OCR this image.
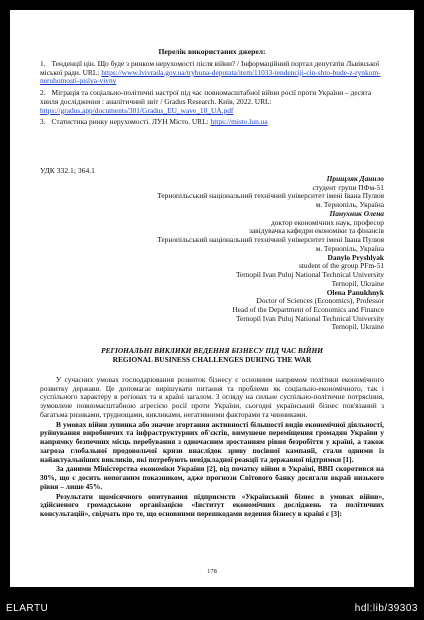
Перелік використаних джерел:
1. Тенденції цін. Що буде з ринком нерухомості після війни? / Інформаційний портал депутатів Львівської міської ради. URL: https://www.lvivrada.gov.ua/trybuna-deputata/item/11033-tendenciji-cin-shto-bude-z-rynkom-neruhomosti-pislya-viyny
2. Міграція та соціально-політичні настрої під час повномасштабної війни росії проти України – десята хвиля дослідження : аналітичний звіт / Gradus Research. Київ, 2022. URL: https://gradus.app/documents/301/Gradus_EU_wave_10_UA.pdf
3. Статистика ринку нерухомості. ЛУН Місто. URL: https://misto.lun.ua
УДК 332.1; 364.1
Прищляк Данило
студент групи ПФм-51
Тернопільський національний технічний університет імені Івана Пулюя
м. Тернопіль, Україна
Панухник Олена
доктор економічних наук, професор
завідувачка кафедри економіки та фінансів
Тернопільський національний технічний університет імені Івана Пулюя
м. Тернопіль, Україна
Danylo Pryshlyak
student of the group PFm-51
Ternopil Ivan Puluj National Technical University
Ternopil, Ukraine
Olena Panukhnyk
Doctor of Sciences (Economics), Professor
Head of the Department of Economics and Finance
Ternopil Ivan Puluj National Technical University
Ternopil, Ukraine
РЕГІОНАЛЬНІ ВИКЛИКИ ВЕДЕННЯ БІЗНЕСУ ПІД ЧАС ВІЙНИ
REGIONAL BUSINESS CHALLENGES DURING THE WAR

У сучасних умовах господарювання розвиток бізнесу є основним напрямом політики економічного розвитку держави. Це допомагає вирішувати питання та проблеми як соціально-економічного, так і суспільного характеру в регіонах та в країні загалом. З огляду на сильне суспільно-політичне потрясіння, зумовлене повномасштабною агресією росії проти України, сьогодні український бізнес пов'язаний з багатьма ризиками, труднощами, викликами, негативними факторами та чинниками.

В умовах війни зупинка або значне згортання активності більшості видів економічної діяльності, руйнування виробничих та інфраструктурних об'єктів, вимушене переміщення громадян України у напрямку безпечних місць перебування з одночасним зростанням рівня безробіття у країні, а також загроза глобальної продовольчої кризи внаслідок зриву посівної кампанії, стали одними із найактуальніших викликів, які потребують невідкладної реакції та державної підтримки [1].

За даними Міністерства економіки України [2], від початку війни в Україні, ВВП скоротився на 30%, що є досить непоганим показником, адже прогнози Світового банку досягали вкрай низького рівня – лише 45%.

Результати щомісячного опитування підприємств «Український бізнес в умовах війни», здійсненого громадською організацією «Інститут економічних досліджень та політичних консультацій», свідчать про те, що основними перешкодами ведення бізнесу в країні є [3]:

178
ELARTU	hdl:lib/39303
